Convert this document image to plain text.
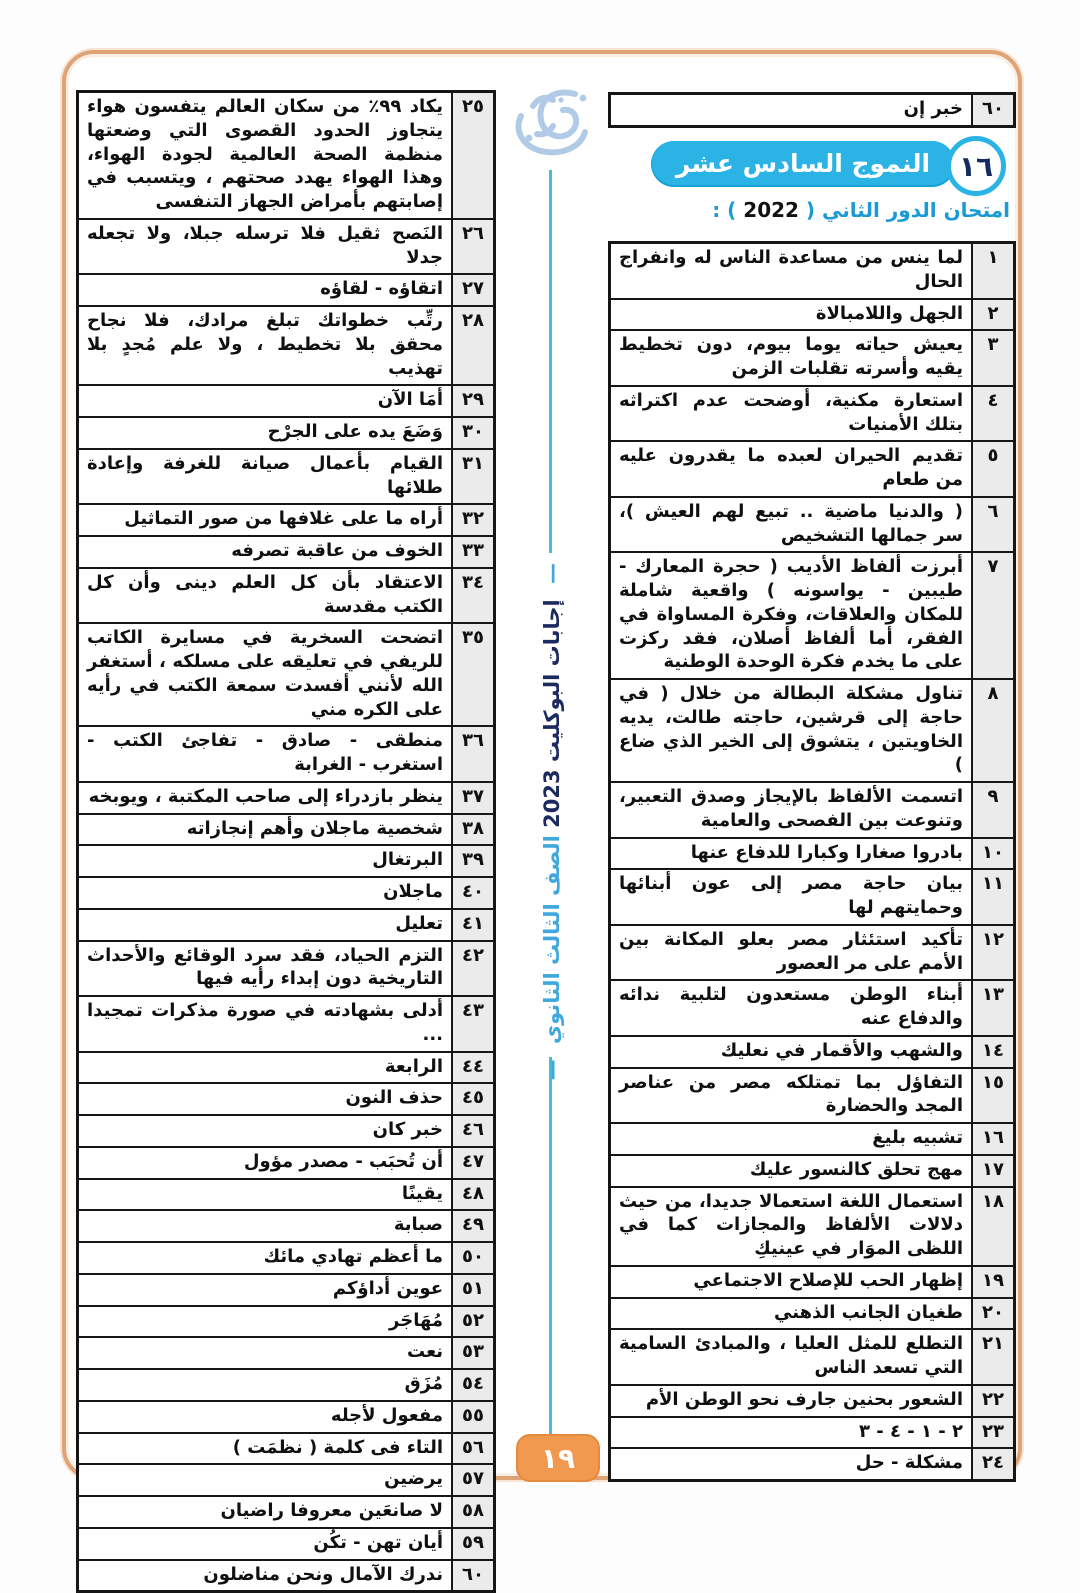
— إجابات البوكليت 2023 الصف الثالث الثانوي —
٦٠
خبر إن
النموج السادس عشر ١٦
امتحان الدور الثاني ( 2022 ) :
١
لما ينس من مساعدة الناس له وانفراج الحال
٢
الجهل واللامبالاة
٣
يعيش حياته يوما بيوم، دون تخطيط يقيه وأسرته تقلبات الزمن
٤
استعارة مكنية، أوضحت عدم اكتراثه بتلك الأمنيات
٥
تقديم الحيران لعبده ما يقدرون عليه من طعام
٦
( والدنيا ماضية .. تبيع لهم العيش )، سر جمالها التشخيص
٧
أبرزت ألفاظ الأديب ( حجرة المعارك - طيبين - يواسونه ) واقعية شاملة للمكان والعلاقات، وفكرة المساواة في الفقر، أما ألفاظ أصلان، فقد ركزت على ما يخدم فكرة الوحدة الوطنية
٨
تناول مشكلة البطالة من خلال ( في حاجة إلى قرشين، حاجته طالت، يديه الخاويتين ، يتشوق إلى الخير الذي ضاع )
٩
اتسمت الألفاظ بالإيجاز وصدق التعبير، وتنوعت بين الفصحى والعامية
١٠
بادروا صغارا وكبارا للدفاع عنها
١١
بيان حاجة مصر إلى عون أبنائها وحمايتهم لها
١٢
تأكيد استئثار مصر بعلو المكانة بين الأمم على مر العصور
١٣
أبناء الوطن مستعدون لتلبية ندائه والدفاع عنه
١٤
والشهب والأقمار في نعليك
١٥
التفاؤل بما تمتلكه مصر من عناصر المجد والحضارة
١٦
تشبيه بليغ
١٧
مهج تحلق كالنسور عليك
١٨
استعمال اللغة استعمالا جديدا، من حيث دلالات الألفاظ والمجازات كما في اللظى الموَار في عينيكِ
١٩
إظهار الحب للإصلاح الاجتماعي
٢٠
طغيان الجانب الذهني
٢١
التطلع للمثل العليا ، والمبادئ السامية التي تسعد الناس
٢٢
الشعور بحنين جارف نحو الوطن الأم
٢٣
٢ - ١ - ٤ - ٣
٢٤
مشكلة - حل
٢٥
يكاد ٩٩٪ من سكان العالم يتفسون هواء يتجاوز الحدود القصوى التي وضعتها منظمة الصحة العالمية لجودة الهواء، وهذا الهواء يهدد صحتهم ، ويتسبب في إصابتهم بأمراض الجهاز التنفسى
٢٦
النَصح ثقيل فلا ترسله جبلا، ولا تجعله جدلا
٢٧
اتقاؤه - لقاؤه
٢٨
رتِّب خطواتك تبلغ مرادك، فلا نجاح محقق بلا تخطيط ، ولا علم مُجدٍ بلا تهذيب
٢٩
أمَا الآن
٣٠
وَضَعَ يده على الجرْح
٣١
القيام بأعمال صيانة للغرفة وإعادة طلائها
٣٢
أراه ما على غلافها من صور التماثيل
٣٣
الخوف من عاقبة تصرفه
٣٤
الاعتقاد بأن كل العلم دينى وأن كل الكتب مقدسة
٣٥
اتضحت السخرية في مسايرة الكاتب للريفي في تعليقه على مسلكه ، أستغفر الله لأنني أفسدت سمعة الكتب في رأيه على الكره مني
٣٦
منطقى - صادق - تفاجئ الكتب - استغرب - الغرابة
٣٧
ينظر بازدراء إلى صاحب المكتبة ، ويوبخه
٣٨
شخصية ماجلان وأهم إنجازاته
٣٩
البرتغال
٤٠
ماجلان
٤١
تعليل
٤٢
التزم الحياد، فقد سرد الوقائع والأحداث التاريخية دون إبداء رأيه فيها
٤٣
أدلى بشهادته في صورة مذكرات تمجيدا ...
٤٤
الرابعة
٤٥
حذف النون
٤٦
خبر كان
٤٧
أن تُحبَب - مصدر مؤول
٤٨
يقينًا
٤٩
صبابة
٥٠
ما أعظم تهادي مائك
٥١
عوين أداؤكم
٥٢
مُهَاجَر
٥٣
نعت
٥٤
مُزَق
٥٥
مفعول لأجله
٥٦
التاء فى كلمة ( نظمَت )
٥٧
يرضين
٥٨
لا صانعَين معروفا راضيان
٥٩
أيان تهن - تكُن
٦٠
ندرك الآمال ونحن مناضلون
١٩
